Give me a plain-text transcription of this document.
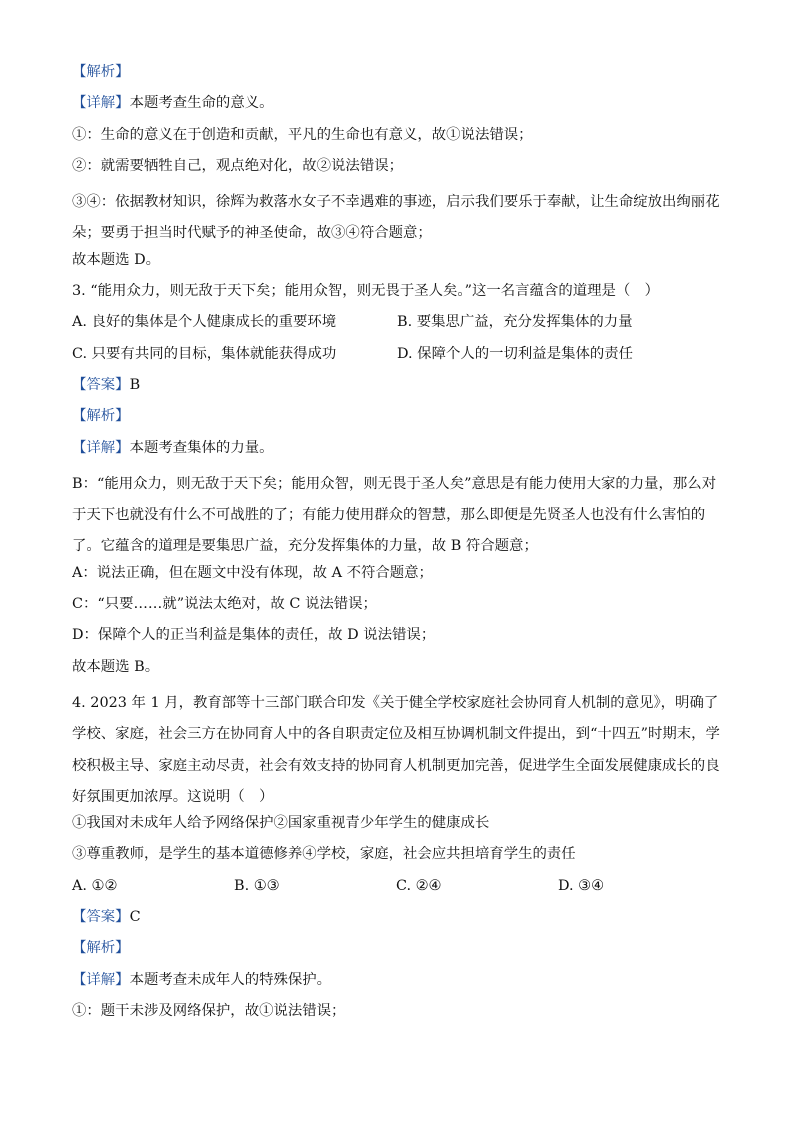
【解析】
【详解】本题考查生命的意义。
①：生命的意义在于创造和贡献，平凡的生命也有意义，故①说法错误；
②：就需要牺牲自己，观点绝对化，故②说法错误；
③④：依据教材知识，徐辉为救落水女子不幸遇难的事迹，启示我们要乐于奉献，让生命绽放出绚丽花朵；要勇于担当时代赋予的神圣使命，故③④符合题意；
故本题选 D。
3. “能用众力，则无敌于天下矣；能用众智，则无畏于圣人矣。”这一名言蕴含的道理是（　）
A. 良好的集体是个人健康成长的重要环境	B. 要集思广益，充分发挥集体的力量
C. 只要有共同的目标，集体就能获得成功	D. 保障个人的一切利益是集体的责任
【答案】B
【解析】
【详解】本题考查集体的力量。
B：“能用众力，则无敌于天下矣；能用众智，则无畏于圣人矣”意思是有能力使用大家的力量，那么对于天下也就没有什么不可战胜的了；有能力使用群众的智慧，那么即便是先贤圣人也没有什么害怕的了。它蕴含的道理是要集思广益，充分发挥集体的力量，故 B 符合题意；
A：说法正确，但在题文中没有体现，故 A 不符合题意；
C：“只要……就”说法太绝对，故 C 说法错误；
D：保障个人的正当利益是集体的责任，故 D 说法错误；
故本题选 B。
4. 2023 年 1 月，教育部等十三部门联合印发《关于健全学校家庭社会协同育人机制的意见》，明确了学校、家庭，社会三方在协同育人中的各自职责定位及相互协调机制文件提出，到“十四五”时期末，学校积极主导、家庭主动尽责，社会有效支持的协同育人机制更加完善，促进学生全面发展健康成长的良好氛围更加浓厚。这说明（　）
①我国对未成年人给予网络保护②国家重视青少年学生的健康成长
③尊重教师，是学生的基本道德修养④学校，家庭，社会应共担培育学生的责任
A. ①②	B. ①③	C. ②④	D. ③④
【答案】C
【解析】
【详解】本题考查未成年人的特殊保护。
①：题干未涉及网络保护，故①说法错误；
